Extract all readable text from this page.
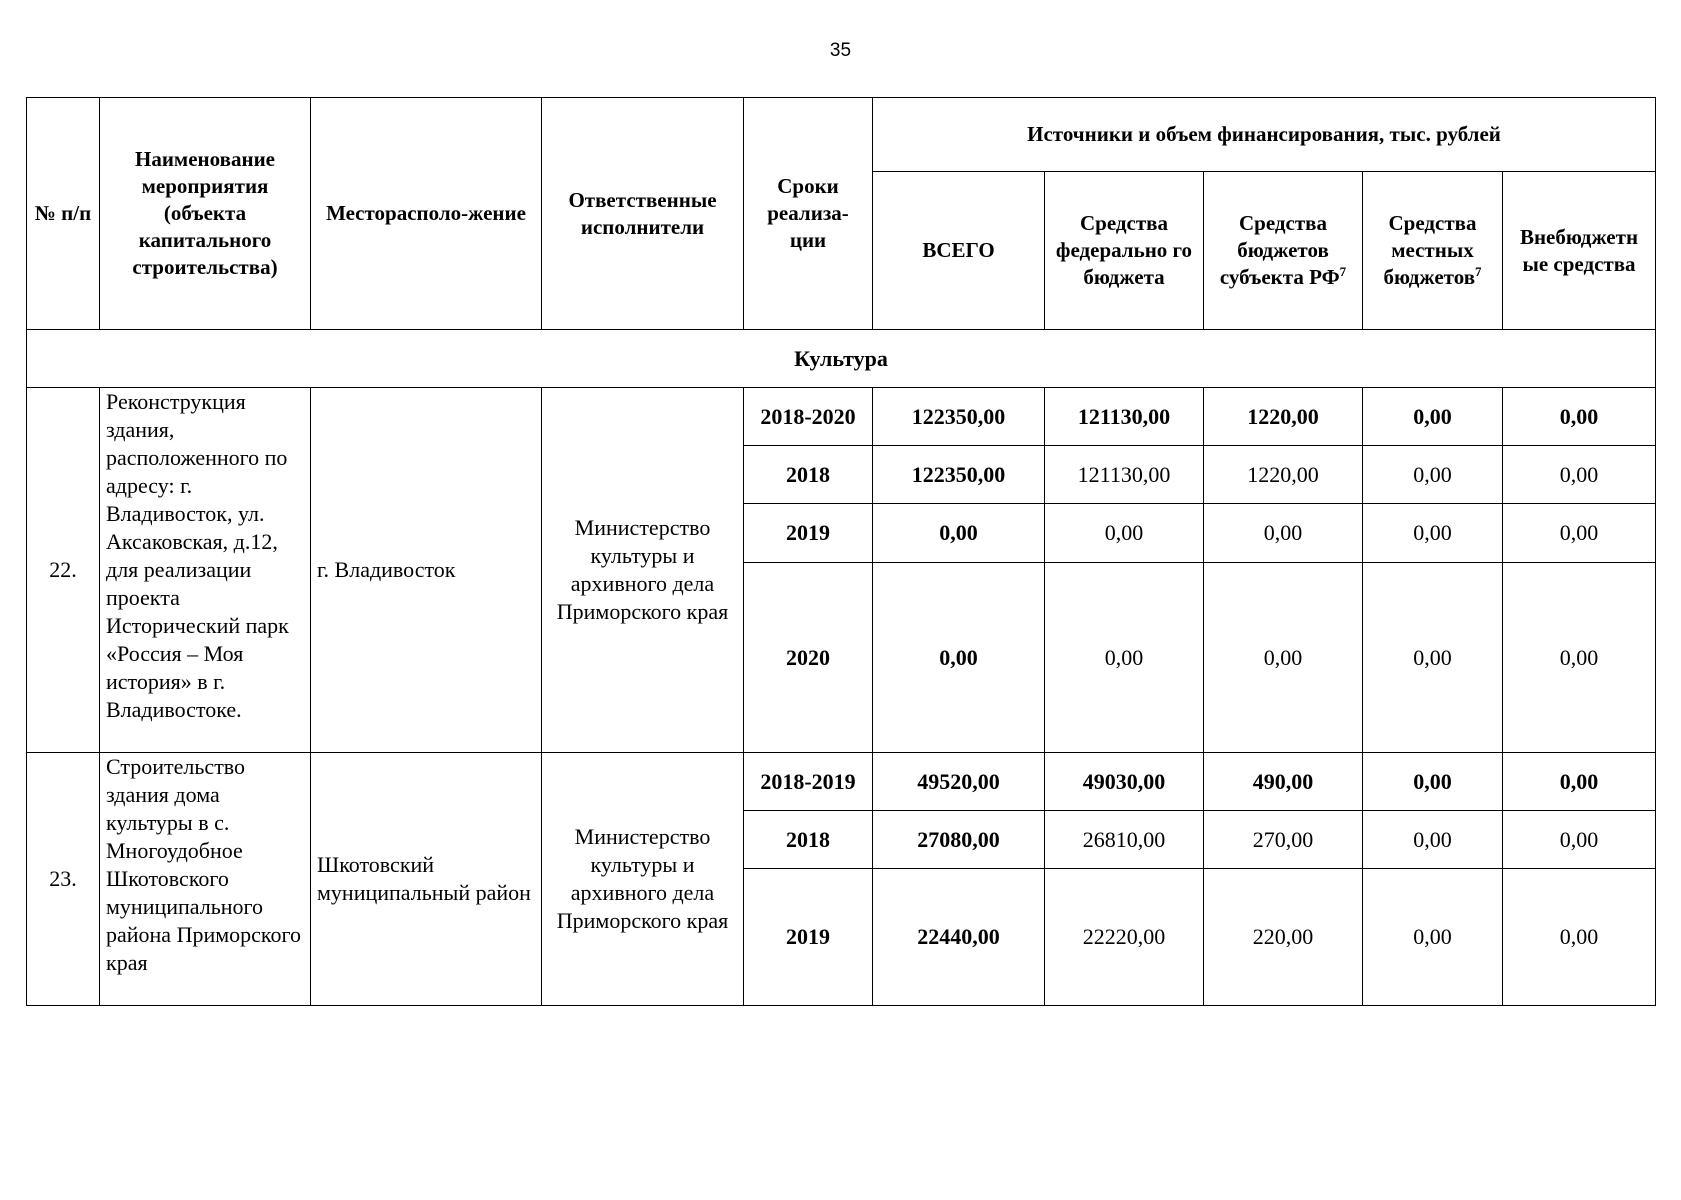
35
№ п/п	Наименование мероприятия (объекта капитального строительства)	Месторасполо-жение	Ответственные исполнители	Сроки реализа-ции	Источники и объем финансирования, тыс. рублей				
					ВСЕГО	Средства федерально го бюджета	Средства бюджетов субъекта $РФ^7$	Средства местных бюджетов$^7$	Внебюджетн ые средства
Культура									
22.	Реконструкция здания, расположенного по адресу: г. Владивосток, ул. Аксаковская, д.12, для реализации проекта Исторический парк «Россия – Моя история» в г. Владивостоке.	г. Владивосток	Министерство культуры и архивного дела Приморского края	2018-2020	122350,00	121130,00	1220,00	0,00	0,00
				2018	122350,00	121130,00	1220,00	0,00	0,00
				2019	0,00	0,00	0,00	0,00	0,00
				2020	0,00	0,00	0,00	0,00	0,00
23.	Строительство здания дома культуры в с. Многоудобное Шкотовского муниципального района Приморского края	Шкотовский муниципальный район	Министерство культуры и архивного дела Приморского края	2018-2019	49520,00	49030,00	490,00	0,00	0,00
				2018	27080,00	26810,00	270,00	0,00	0,00
				2019	22440,00	22220,00	220,00	0,00	0,00
